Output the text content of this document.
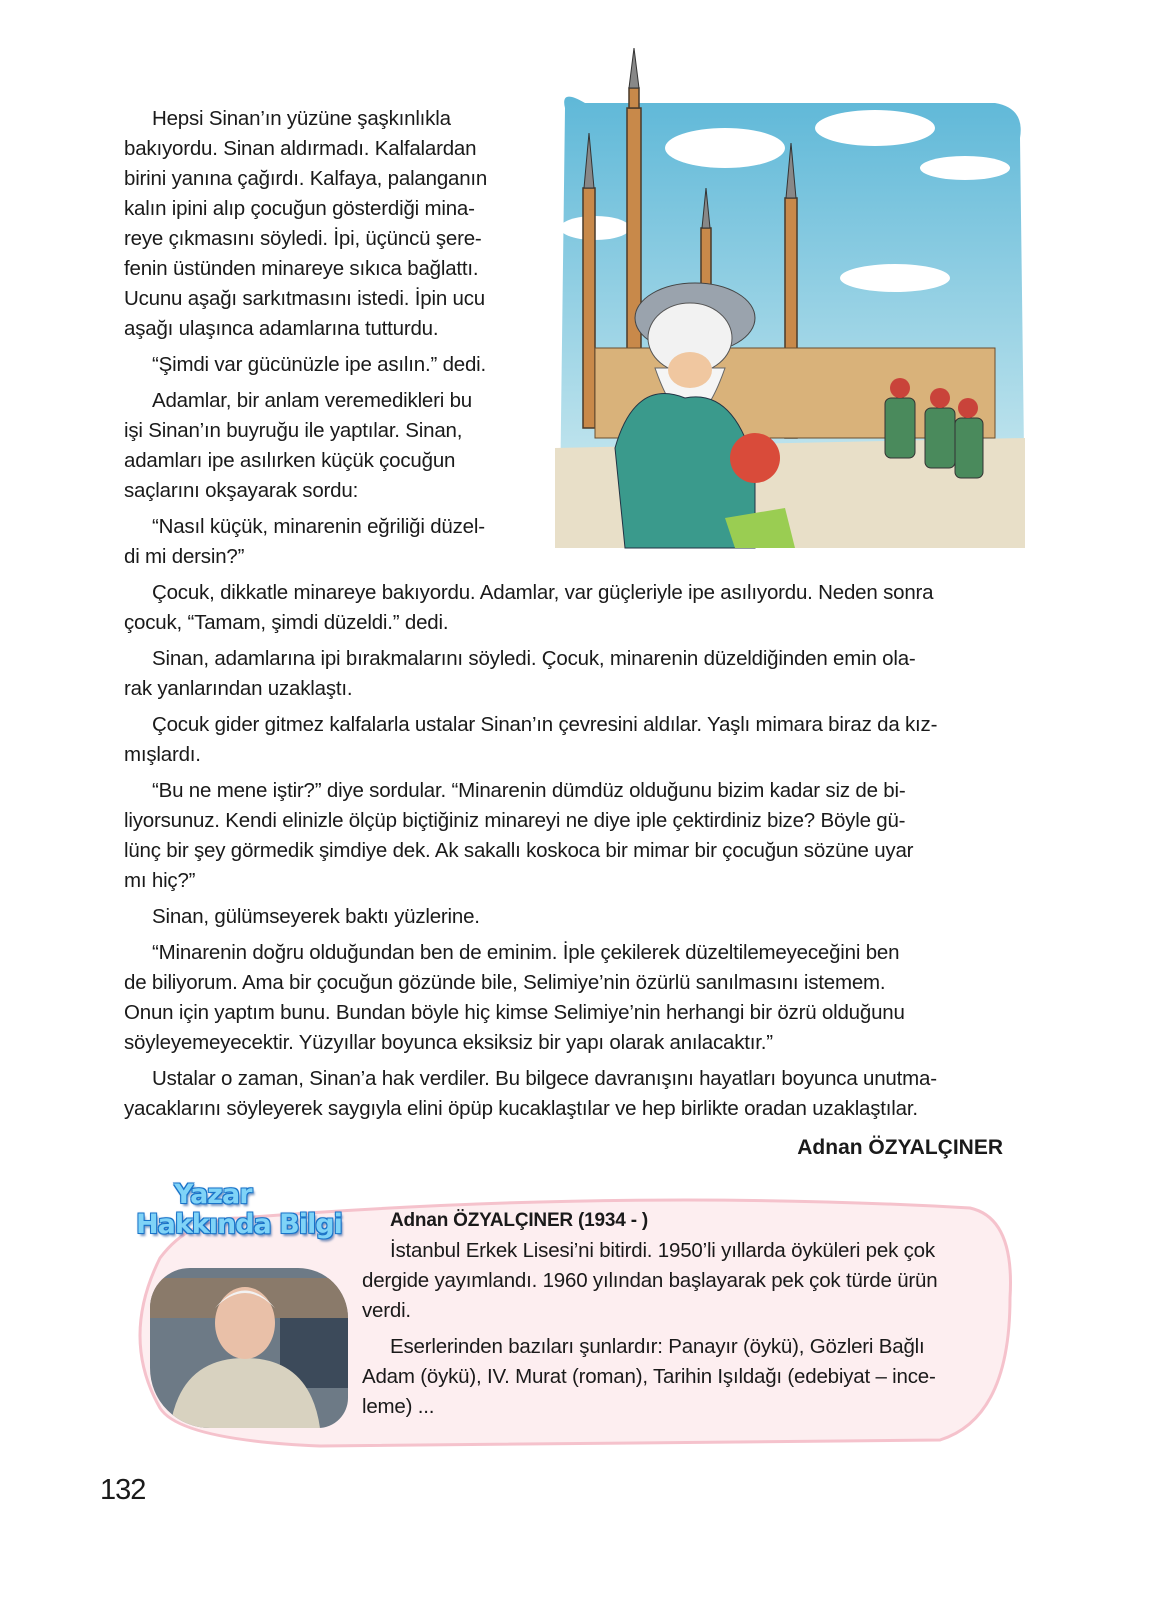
Hepsi Sinan’ın yüzüne şaşkınlıkla
bakıyordu. Sinan aldırmadı. Kalfalardan
birini yanına çağırdı. Kalfaya, palanganın
kalın ipini alıp çocuğun gösterdiği mina-
reye çıkmasını söyledi. İpi, üçüncü şere-
fenin üstünden minareye sıkıca bağlattı.
Ucunu aşağı sarkıtmasını istedi. İpin ucu
aşağı ulaşınca adamlarına tutturdu.

“Şimdi var gücünüzle ipe asılın.” dedi.

Adamlar, bir anlam veremedikleri bu
işi Sinan’ın buyruğu ile yaptılar. Sinan,
adamları ipe asılırken küçük çocuğun
saçlarını okşayarak sordu:

“Nasıl küçük, minarenin eğriliği düzel-
di mi dersin?”

Çocuk, dikkatle minareye bakıyordu. Adamlar, var güçleriyle ipe asılıyordu. Neden sonra
çocuk, “Tamam, şimdi düzeldi.” dedi.

Sinan, adamlarına ipi bırakmalarını söyledi. Çocuk, minarenin düzeldiğinden emin ola-
rak yanlarından uzaklaştı.

Çocuk gider gitmez kalfalarla ustalar Sinan’ın çevresini aldılar. Yaşlı mimara biraz da kız-
mışlardı.

“Bu ne mene iştir?” diye sordular. “Minarenin dümdüz olduğunu bizim kadar siz de bi-
liyorsunuz. Kendi elinizle ölçüp biçtiğiniz minareyi ne diye iple çektirdiniz bize? Böyle gü-
lünç bir şey görmedik şimdiye dek. Ak sakallı koskoca bir mimar bir çocuğun sözüne uyar
mı hiç?”

Sinan, gülümseyerek baktı yüzlerine.

“Minarenin doğru olduğundan ben de eminim. İple çekilerek düzeltilemeyeceğini ben
de biliyorum. Ama bir çocuğun gözünde bile, Selimiye’nin özürlü sanılmasını istemem.
Onun için yaptım bunu. Bundan böyle hiç kimse Selimiye’nin herhangi bir özrü olduğunu
söyleyemeyecektir. Yüzyıllar boyunca eksiksiz bir yapı olarak anılacaktır.”

Ustalar o zaman, Sinan’a hak verdiler. Bu bilgece davranışını hayatları boyunca unutma-
yacaklarını söyleyerek saygıyla elini öpüp kucaklaştılar ve hep birlikte oradan uzaklaştılar.

Adnan ÖZYALÇINER
Yazar
Hakkında Bilgi	Adnan ÖZYALÇINER (1934 - )

İstanbul Erkek Lisesi’ni bitirdi. 1950’li yıllarda öyküleri pek çok
dergide yayımlandı. 1960 yılından başlayarak pek çok türde ürün
verdi.

Eserlerinden bazıları şunlardır: Panayır (öykü), Gözleri Bağlı
Adam (öykü), IV. Murat (roman), Tarihin Işıldağı (edebiyat – ince-
leme) ...

132
